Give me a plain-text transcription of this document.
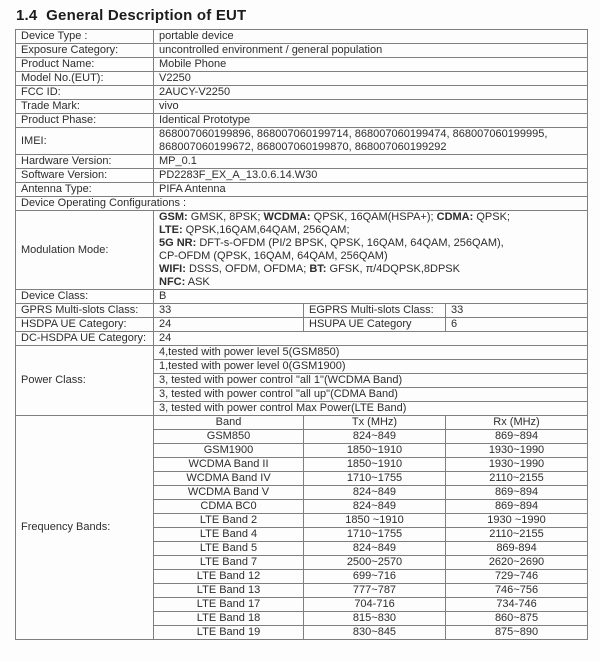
1.4  General Description of EUT
Device Type :	portable device		
Exposure Category:	uncontrolled environment / general population		
Product Name:	Mobile Phone		
Model No.(EUT):	V2250		
FCC ID:	2AUCY-V2250		
Trade Mark:	vivo		
Product Phase:	Identical Prototype		
IMEI:	868007060199896, 868007060199714, 868007060199474, 868007060199995,
868007060199672, 868007060199870, 868007060199292		

Hardware Version:	MP_0.1		
Software Version:	PD2283F_EX_A_13.0.6.14.W30		
Antenna Type:	PIFA Antenna		
Device Operating Configurations :			
Modulation Mode:	
GSM: GMSK, 8PSK; WCDMA: QPSK, 16QAM(HSPA+); CDMA: QPSK;
LTE: QPSK,16QAM,64QAM, 256QAM;
5G NR: DFT-s-OFDM (PI/2 BPSK, QPSK, 16QAM, 64QAM, 256QAM),
CP-OFDM (QPSK, 16QAM, 64QAM, 256QAM)
WIFI: DSSS, OFDM, OFDMA; BT: GFSK, π/4DQPSK,8DPSK
NFC: ASK

Device Class:	B		
GPRS Multi-slots Class:	33	EGPRS Multi-slots Class:	33
HSDPA UE Category:	24	HSUPA UE Category	6
DC-HSDPA UE Category:	24		
Power Class:	4,tested with power level 5(GSM850)		
	1,tested with power level 0(GSM1900)		
	3, tested with power control "all 1"(WCDMA Band)		
	3, tested with power control "all up"(CDMA Band)		
	3, tested with power control Max Power(LTE Band)		
Frequency Bands:	Band	Tx (MHz)	Rx (MHz)
	GSM850	824~849	869~894
	GSM1900	1850~1910	1930~1990
	WCDMA Band II	1850~1910	1930~1990
	WCDMA Band IV	1710~1755	2110~2155
	WCDMA Band V	824~849	869~894
	CDMA BC0	824~849	869~894
	LTE Band 2	1850 ~1910	1930 ~1990
	LTE Band 4	1710~1755	2110~2155
	LTE Band 5	824~849	869-894
	LTE Band 7	2500~2570	2620~2690
	LTE Band 12	699~716	729~746
	LTE Band 13	777~787	746~756
	LTE Band 17	704-716	734-746
	LTE Band 18	815~830	860~875
	LTE Band 19	830~845	875~890
